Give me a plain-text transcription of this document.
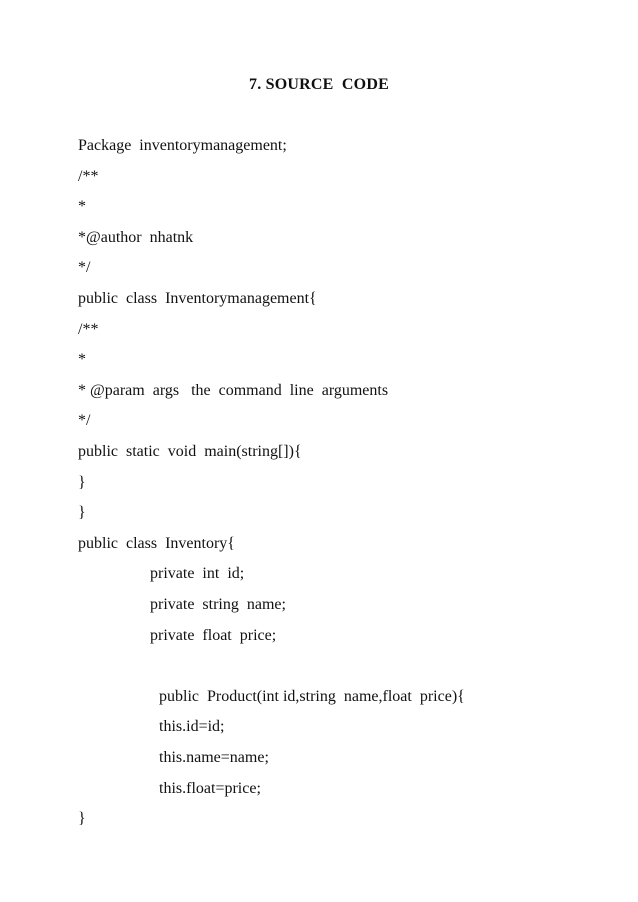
7. SOURCE  CODE
Package  inventorymanagement;
/**
*
*@author  nhatnk
*/
public  class  Inventorymanagement{
/**
*
* @param  args   the  command  line  arguments
*/
public  static  void  main(string[]){
}
}
public  class  Inventory{
private  int  id;
private  string  name;
private  float  price;
public  Product(int id,string  name,float  price){
this.id=id;
this.name=name;
this.float=price;
}
